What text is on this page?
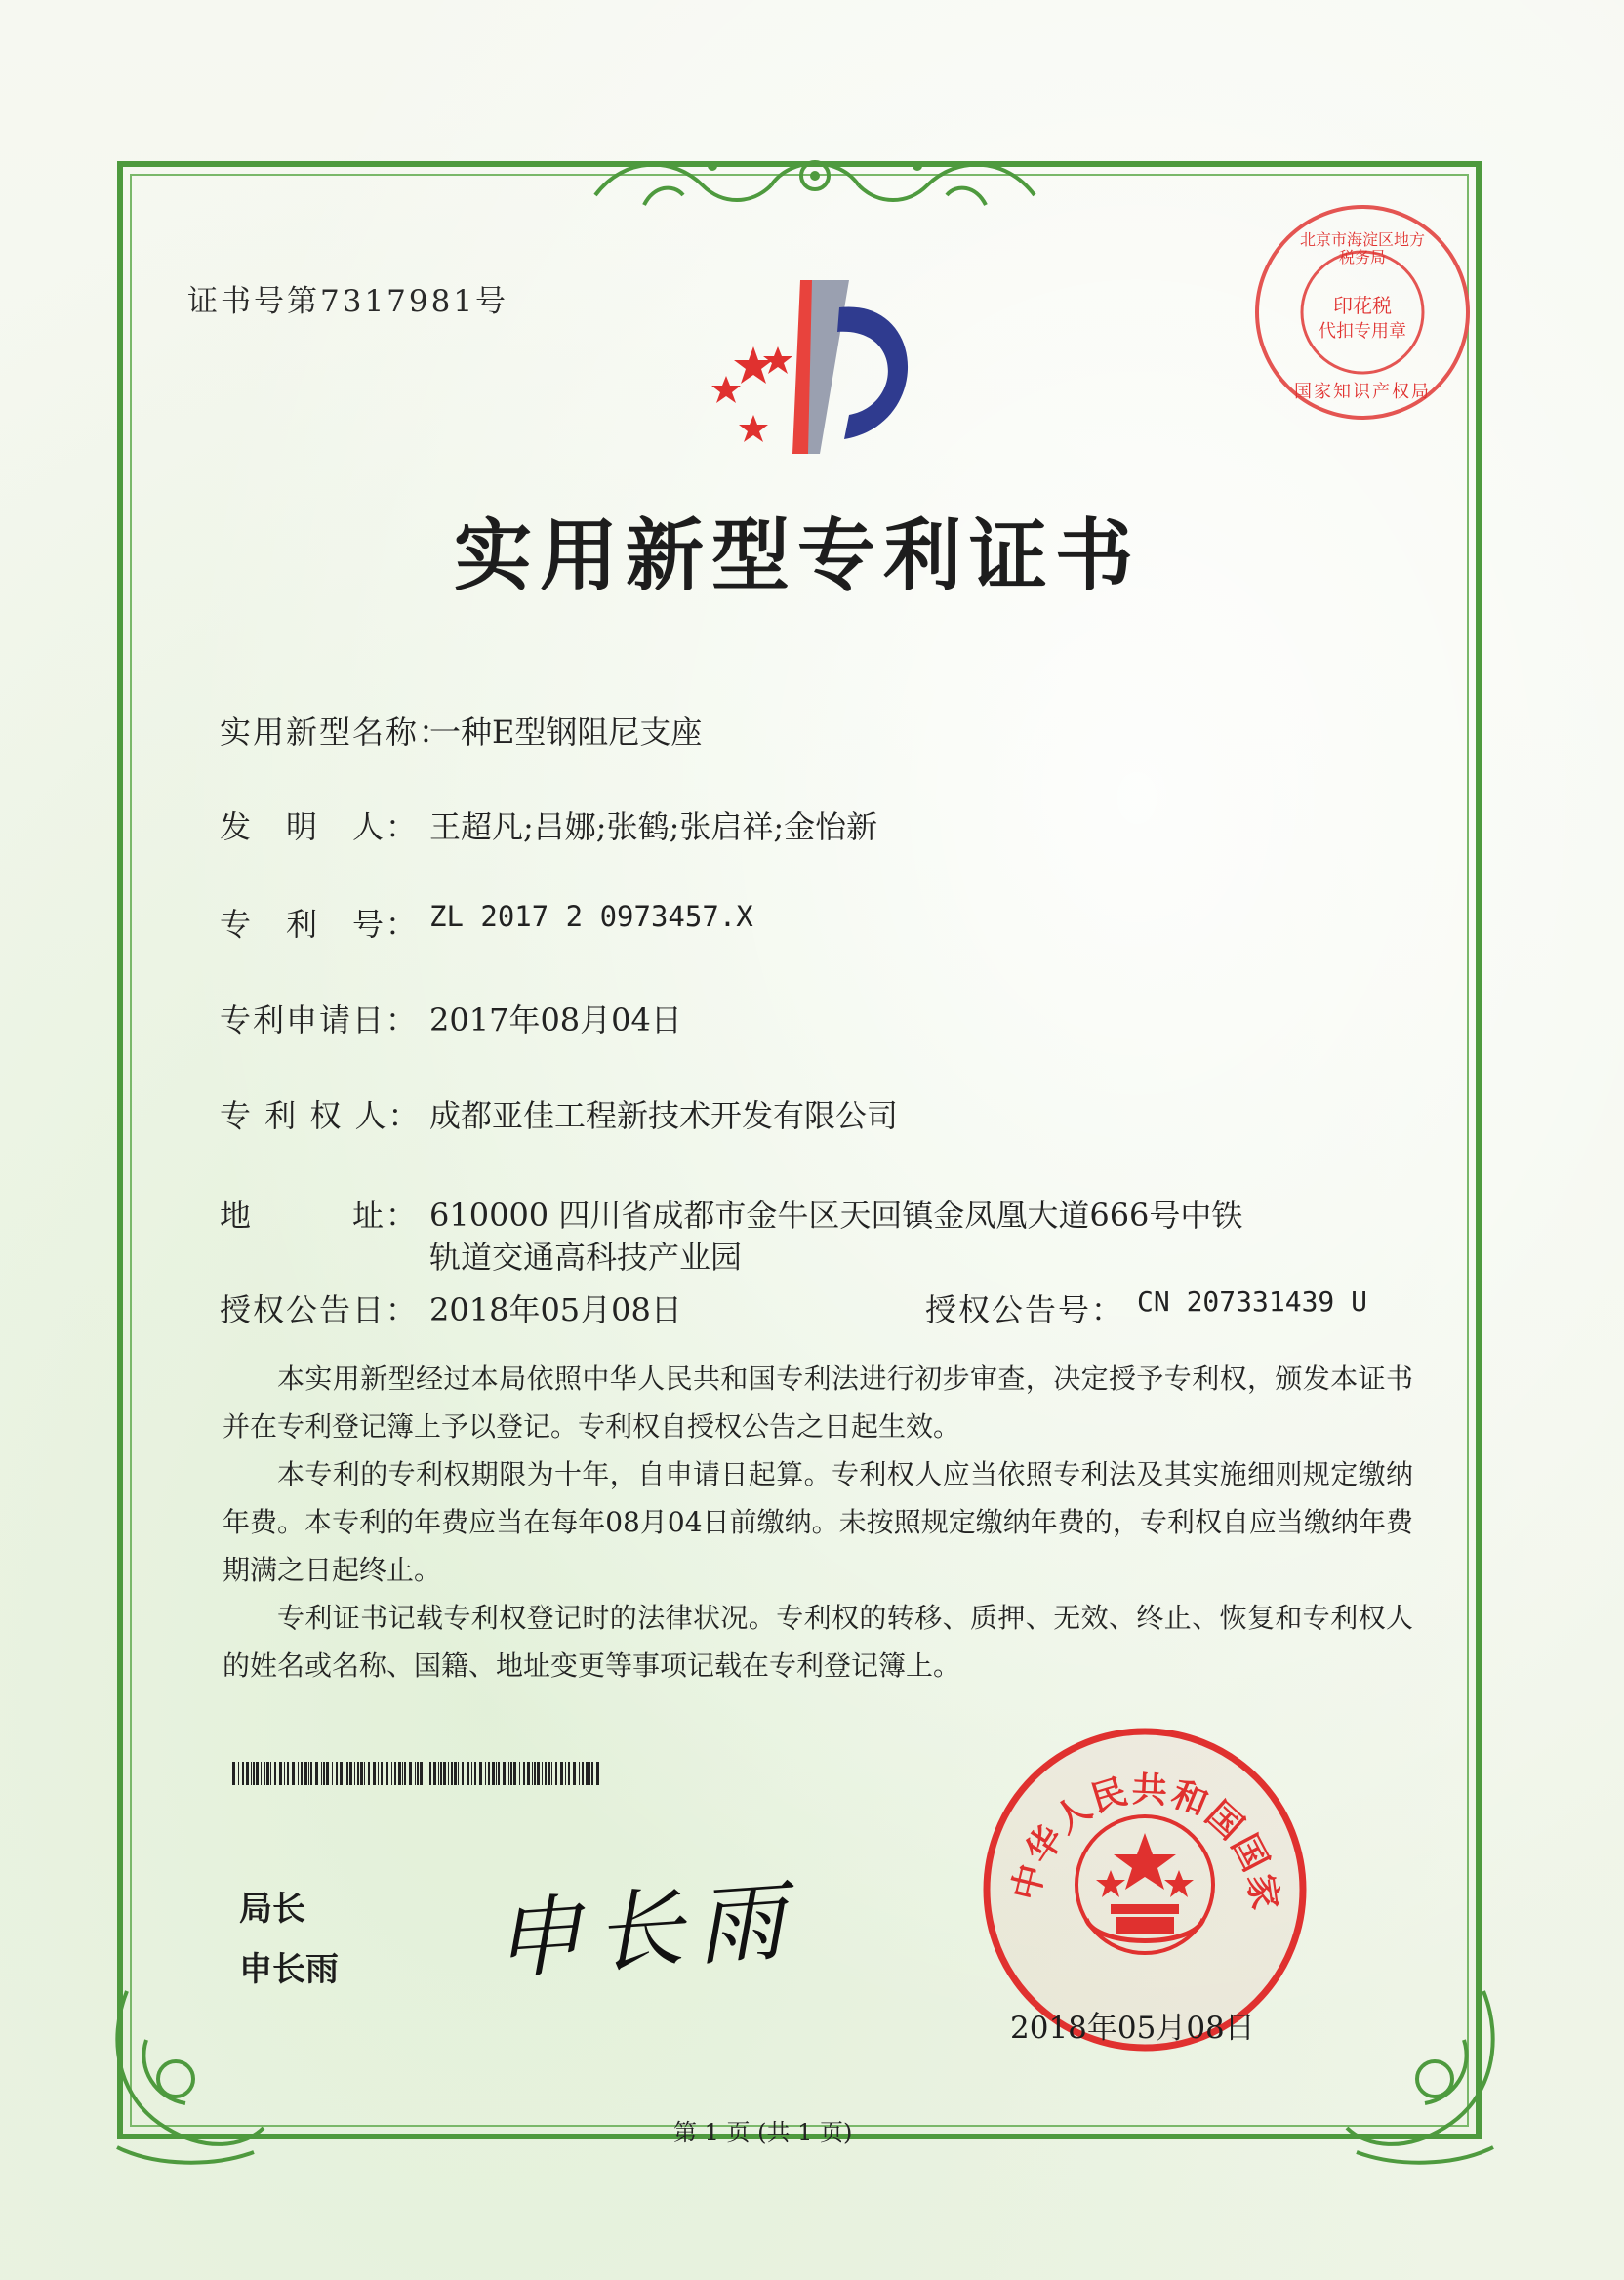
证书号第7317981号
北京市海淀区地方税务局
印花税
代扣专用章
国家知识产权局
实用新型专利证书
实用新型名称：
一种E型钢阻尼支座
发　明　人： 王超凡;吕娜;张鹤;张启祥;金怡新
专　利　号： ZL 2017 2 0973457.X
专利申请日： 2017年08月04日
专 利 权 人： 成都亚佳工程新技术开发有限公司
地　　　址： 610000 四川省成都市金牛区天回镇金凤凰大道666号中铁
轨道交通高科技产业园
授权公告日： 2018年05月08日	授权公告号： CN 207331439 U

本实用新型经过本局依照中华人民共和国专利法进行初步审查，决定授予专利权，颁发本证书并在专利登记簿上予以登记。专利权自授权公告之日起生效。

本专利的专利权期限为十年，自申请日起算。专利权人应当依照专利法及其实施细则规定缴纳年费。本专利的年费应当在每年08月04日前缴纳。未按照规定缴纳年费的，专利权自应当缴纳年费期满之日起终止。

专利证书记载专利权登记时的法律状况。专利权的转移、质押、无效、终止、恢复和专利权人的姓名或名称、国籍、地址变更等事项记载在专利登记簿上。

局长
申长雨 申长雨	中华人民共和国国家
2018年05月08日
第 1 页 (共 1 页)
